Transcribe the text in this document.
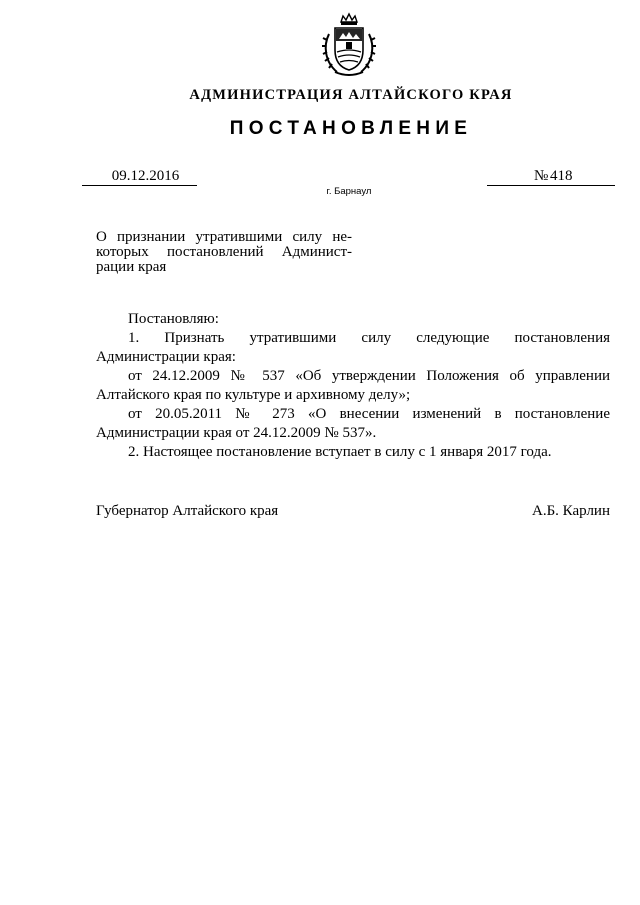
АДМИНИСТРАЦИЯ АЛТАЙСКОГО КРАЯ
ПОСТАНОВЛЕНИЕ
09.12.2016	№ 418
г. Барнаул
О признании утратившими силу не-которых постановлений Админист-рации края

Постановляю:

1. Признать утратившими силу следующие постановления Администрации края:

от 24.12.2009 № 537 «Об утверждении Положения об управлении Алтайского края по культуре и архивному делу»;

от 20.05.2011 № 273 «О внесении изменений в постановление Администрации края от 24.12.2009 № 537».

2. Настоящее постановление вступает в силу с 1 января 2017 года.

Губернатор Алтайского края	А.Б. Карлин
